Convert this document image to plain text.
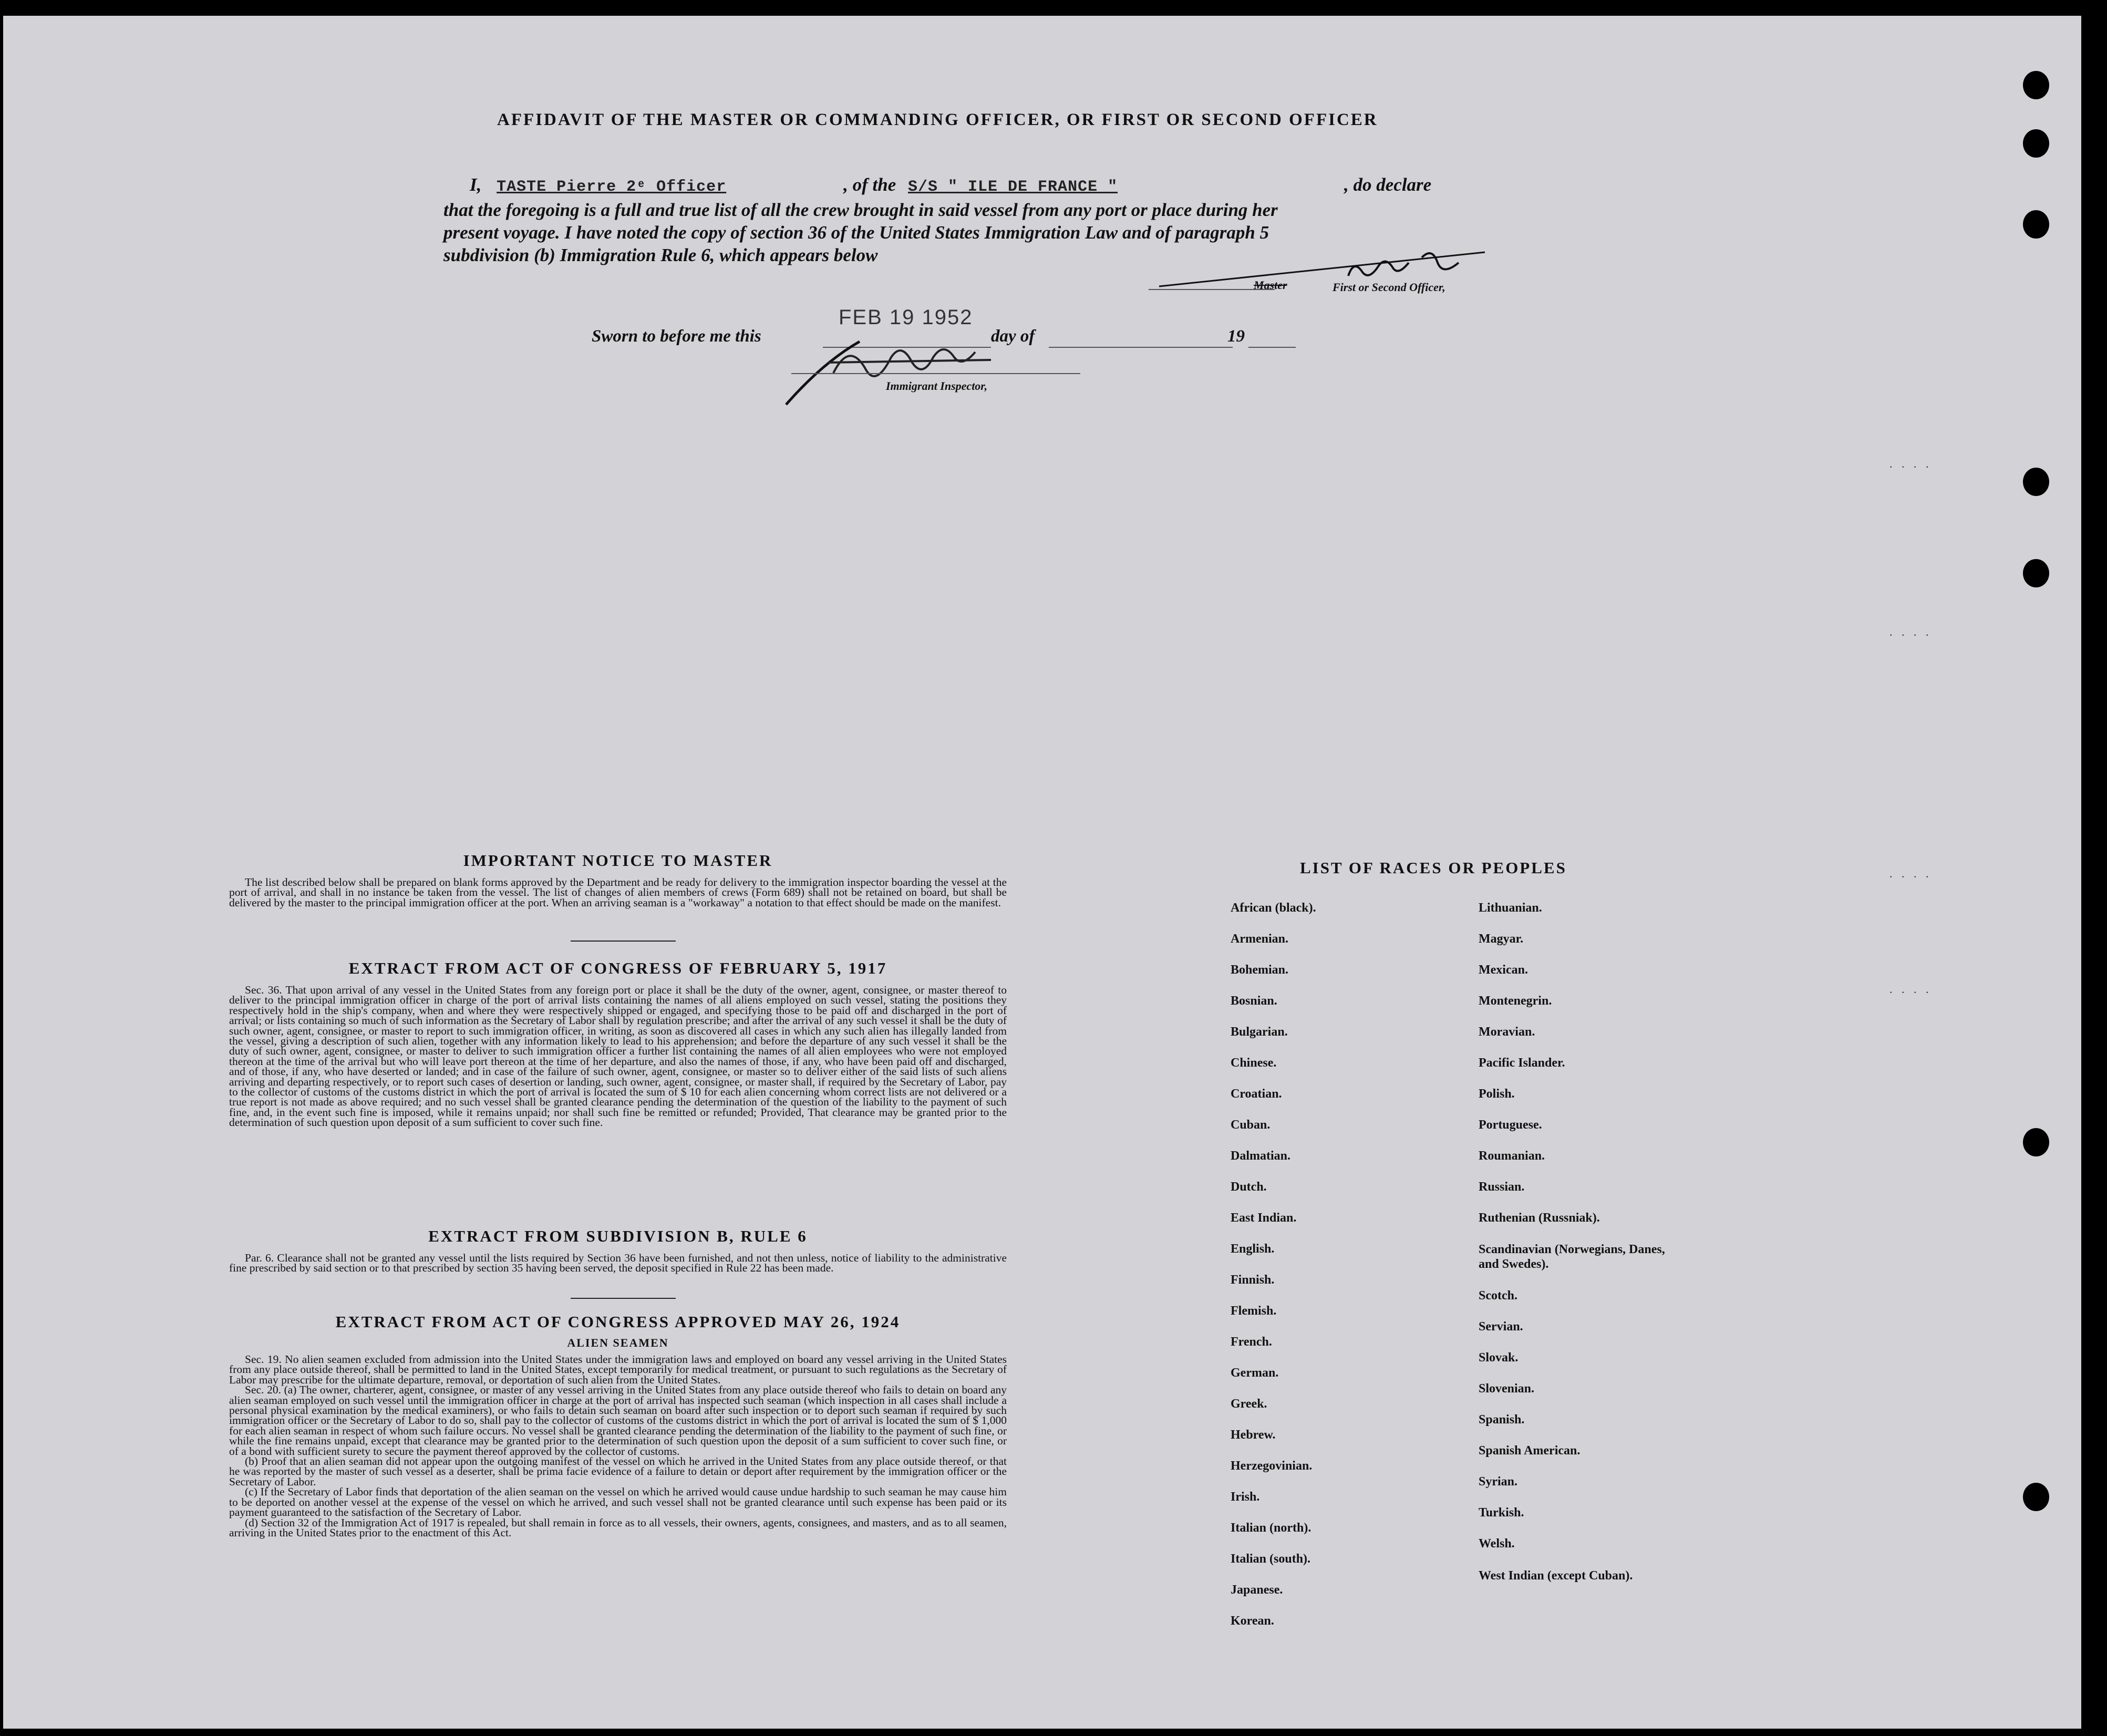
AFFIDAVIT OF THE MASTER OR COMMANDING OFFICER, OR FIRST OR SECOND OFFICER
I, TASTE Pierre 2ᵉ Officer	, of the S/S " ILE DE FRANCE "	, do declare
that the foregoing is a full and true list of all the crew brought in said vessel from any port or place during her
present voyage. I have noted the copy of section 36 of the United States Immigration Law and of paragraph 5
subdivision (b) Immigration Rule 6, which appears below
Master	First or Second Officer,
Sworn to before me this
FEB 19 1952
day of	19
Immigrant Inspector,
. . . .
. . . .
. . . .
. . . .
IMPORTANT NOTICE TO MASTER

The list described below shall be prepared on blank forms approved by the Department and be ready for delivery to the immigration inspector boarding the vessel at the port of arrival, and shall in no instance be taken from the vessel. The list of changes of alien members of crews (Form 689) shall not be retained on board, but shall be delivered by the master to the principal immigration officer at the port. When an arriving seaman is a "workaway" a notation to that effect should be made on the manifest.

EXTRACT FROM ACT OF CONGRESS OF FEBRUARY 5, 1917

Sec. 36. That upon arrival of any vessel in the United States from any foreign port or place it shall be the duty of the owner, agent, consignee, or master thereof to deliver to the principal immigration officer in charge of the port of arrival lists containing the names of all aliens employed on such vessel, stating the positions they respectively hold in the ship's company, when and where they were respectively shipped or engaged, and specifying those to be paid off and discharged in the port of arrival; or lists containing so much of such information as the Secretary of Labor shall by regulation prescribe; and after the arrival of any such vessel it shall be the duty of such owner, agent, consignee, or master to report to such immigration officer, in writing, as soon as discovered all cases in which any such alien has illegally landed from the vessel, giving a description of such alien, together with any information likely to lead to his apprehension; and before the departure of any such vessel it shall be the duty of such owner, agent, consignee, or master to deliver to such immigration officer a further list containing the names of all alien employees who were not employed thereon at the time of the arrival but who will leave port thereon at the time of her departure, and also the names of those, if any, who have been paid off and discharged, and of those, if any, who have deserted or landed; and in case of the failure of such owner, agent, consignee, or master so to deliver either of the said lists of such aliens arriving and departing respectively, or to report such cases of desertion or landing, such owner, agent, consignee, or master shall, if required by the Secretary of Labor, pay to the collector of customs of the customs district in which the port of arrival is located the sum of $ 10 for each alien concerning whom correct lists are not delivered or a true report is not made as above required; and no such vessel shall be granted clearance pending the determination of the question of the liability to the payment of such fine, and, in the event such fine is imposed, while it remains unpaid; nor shall such fine be remitted or refunded; Provided, That clearance may be granted prior to the determination of such question upon deposit of a sum sufficient to cover such fine.

EXTRACT FROM SUBDIVISION B, RULE 6

Par. 6. Clearance shall not be granted any vessel until the lists required by Section 36 have been furnished, and not then unless, notice of liability to the administrative fine prescribed by said section or to that prescribed by section 35 having been served, the deposit specified in Rule 22 has been made.

EXTRACT FROM ACT OF CONGRESS APPROVED MAY 26, 1924
ALIEN SEAMEN

Sec. 19. No alien seamen excluded from admission into the United States under the immigration laws and employed on board any vessel arriving in the United States from any place outside thereof, shall be permitted to land in the United States, except temporarily for medical treatment, or pursuant to such regulations as the Secretary of Labor may prescribe for the ultimate departure, removal, or deportation of such alien from the United States.

Sec. 20. (a) The owner, charterer, agent, consignee, or master of any vessel arriving in the United States from any place outside thereof who fails to detain on board any alien seaman employed on such vessel until the immigration officer in charge at the port of arrival has inspected such seaman (which inspection in all cases shall include a personal physical examination by the medical examiners), or who fails to detain such seaman on board after such inspection or to deport such seaman if required by such immigration officer or the Secretary of Labor to do so, shall pay to the collector of customs of the customs district in which the port of arrival is located the sum of $ 1,000 for each alien seaman in respect of whom such failure occurs. No vessel shall be granted clearance pending the determination of the liability to the payment of such fine, or while the fine remains unpaid, except that clearance may be granted prior to the determination of such question upon the deposit of a sum sufficient to cover such fine, or of a bond with sufficient surety to secure the payment thereof approved by the collector of customs.

(b) Proof that an alien seaman did not appear upon the outgoing manifest of the vessel on which he arrived in the United States from any place outside thereof, or that he was reported by the master of such vessel as a deserter, shall be prima facie evidence of a failure to detain or deport after requirement by the immigration officer or the Secretary of Labor.

(c) If the Secretary of Labor finds that deportation of the alien seaman on the vessel on which he arrived would cause undue hardship to such seaman he may cause him to be deported on another vessel at the expense of the vessel on which he arrived, and such vessel shall not be granted clearance until such expense has been paid or its payment guaranteed to the satisfaction of the Secretary of Labor.

(d) Section 32 of the Immigration Act of 1917 is repealed, but shall remain in force as to all vessels, their owners, agents, consignees, and masters, and as to all seamen, arriving in the United States prior to the enactment of this Act.

LIST OF RACES OR PEOPLES
African (black).
Armenian.
Bohemian.
Bosnian.
Bulgarian.
Chinese.
Croatian.
Cuban.
Dalmatian.
Dutch.
East Indian.
English.
Finnish.
Flemish.
French.
German.
Greek.
Hebrew.
Herzegovinian.
Irish.
Italian (north).
Italian (south).
Japanese.
Korean.
Lithuanian.
Magyar.
Mexican.
Montenegrin.
Moravian.
Pacific Islander.
Polish.
Portuguese.
Roumanian.
Russian.
Ruthenian (Russniak).
Scandinavian (Norwegians, Danes, and Swedes).
Scotch.
Servian.
Slovak.
Slovenian.
Spanish.
Spanish American.
Syrian.
Turkish.
Welsh.
West Indian (except Cuban).
